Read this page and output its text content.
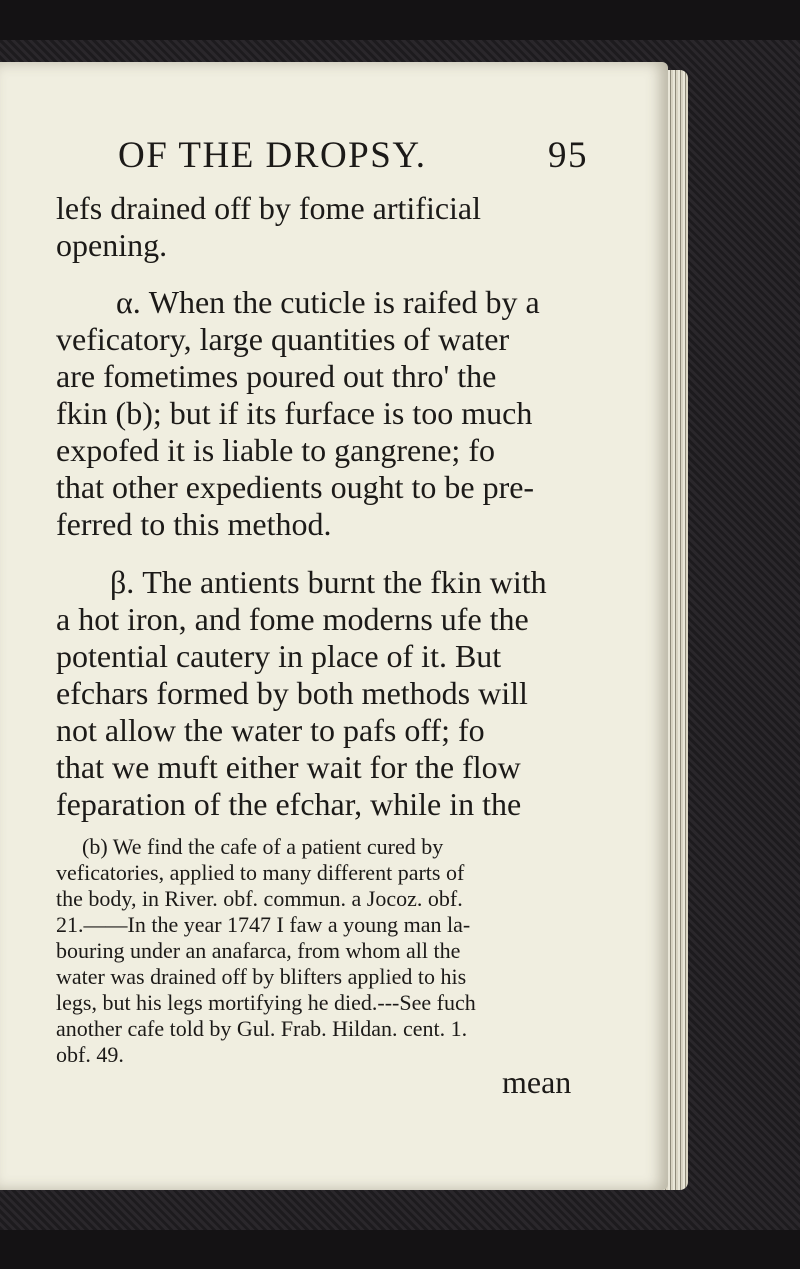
OF THE DROPSY.	95
lefs drained off by fome artificial
opening.
α. When the cuticle is raifed by a
veficatory, large quantities of water
are fometimes poured out thro' the
fkin (b); but if its furface is too much
expofed it is liable to gangrene; fo
that other expedients ought to be pre-
ferred to this method.
β. The antients burnt the fkin with
a hot iron, and fome moderns ufe the
potential cautery in place of it. But
efchars formed by both methods will
not allow the water to pafs off; fo
that we muft either wait for the flow
feparation of the efchar, while in the
(b) We find the cafe of a patient cured by
veficatories, applied to many different parts of
the body, in River. obf. commun. a Jocoz. obf.
21.——In the year 1747 I faw a young man la-
bouring under an anafarca, from whom all the
water was drained off by blifters applied to his
legs, but his legs mortifying he died.---See fuch
another cafe told by Gul. Frab. Hildan. cent. 1.
obf. 49.
mean
